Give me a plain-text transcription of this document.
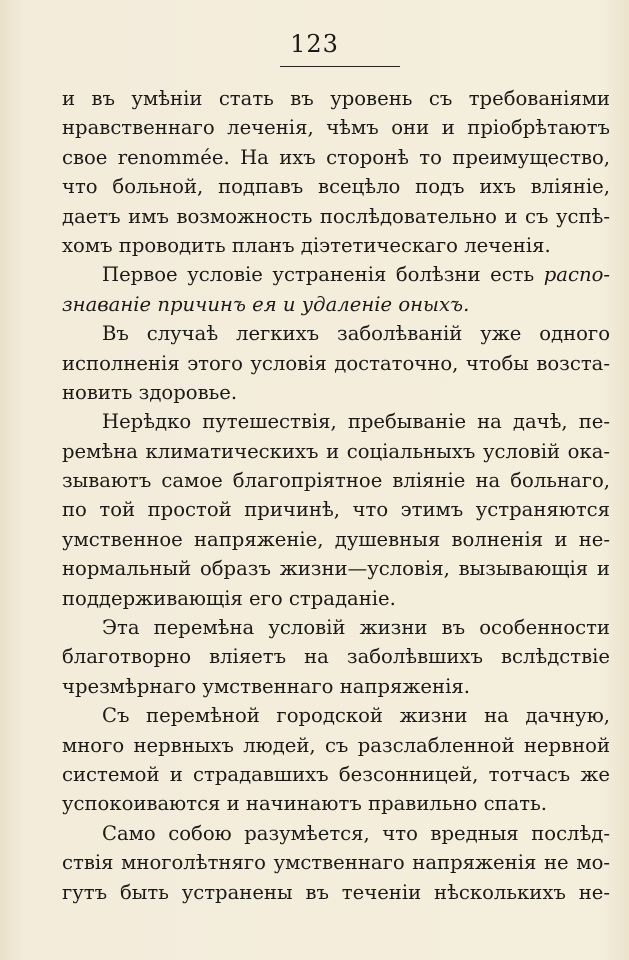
123
и въ умѣніи стать въ уровень съ требованіями
нравственнаго леченія, чѣмъ они и пріобрѣтаютъ
свое renommée. На ихъ сторонѣ то преимущество,
что больной, подпавъ всецѣло подъ ихъ вліяніе,
даетъ имъ возможность послѣдовательно и съ успѣ-
хомъ проводить планъ діэтетическаго леченія.
Первое условіе устраненія болѣзни есть распо-
знаваніе причинъ ея и удаленіе оныхъ.
Въ случаѣ легкихъ заболѣваній уже одного
исполненія этого условія достаточно, чтобы возста-
новить здоровье.
Нерѣдко путешествія, пребываніе на дачѣ, пе-
ремѣна климатическихъ и соціальныхъ условій ока-
зываютъ самое благопріятное вліяніе на больнаго,
по той простой причинѣ, что этимъ устраняются
умственное напряженіе, душевныя волненія и не-
нормальный образъ жизни—условія, вызывающія и
поддерживающія его страданіе.
Эта перемѣна условій жизни въ особенности
благотворно вліяетъ на заболѣвшихъ вслѣдствіе
чрезмѣрнаго умственнаго напряженія.
Съ перемѣной городской жизни на дачную,
много нервныхъ людей, съ разслабленной нервной
системой и страдавшихъ безсонницей, тотчасъ же
успокоиваются и начинаютъ правильно спать.
Само собою разумѣется, что вредныя послѣд-
ствія многолѣтняго умственнаго напряженія не мо-
гутъ быть устранены въ теченіи нѣсколькихъ не-
